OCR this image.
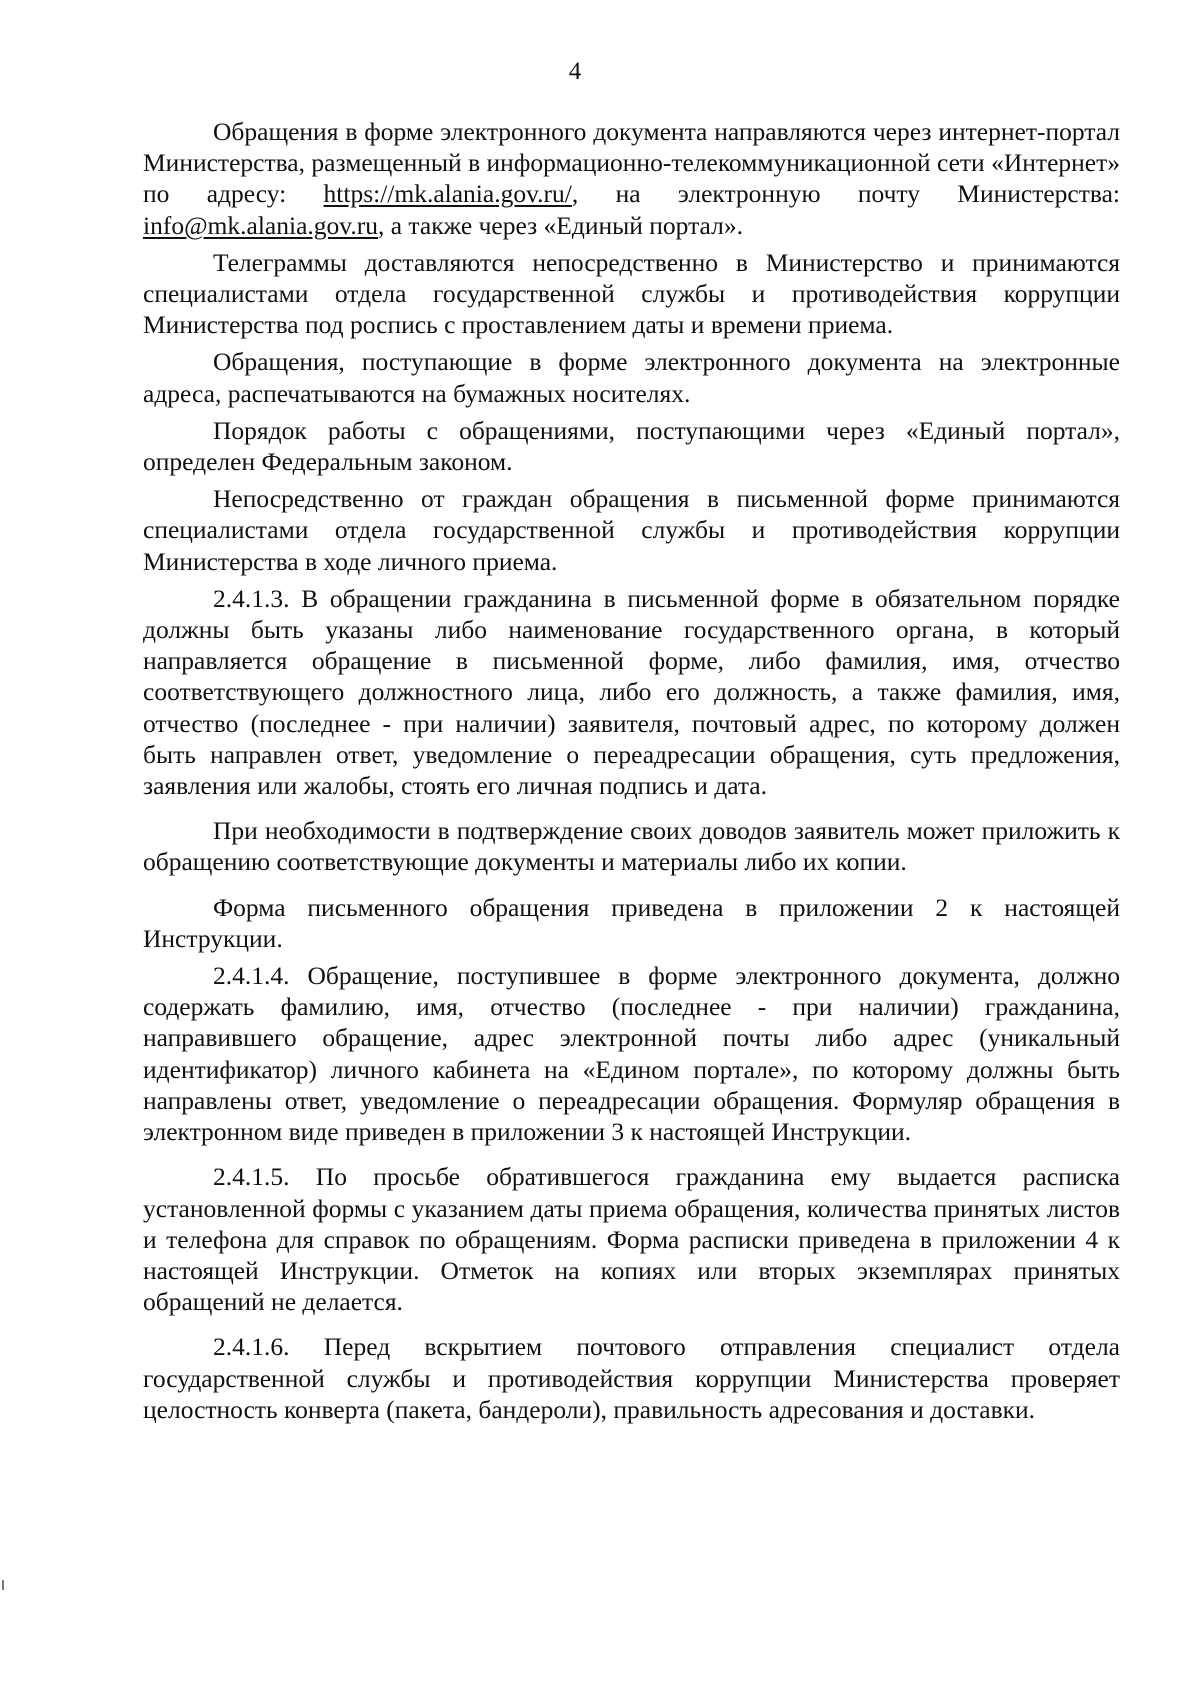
4

Обращения в форме электронного документа направляются через интернет-портал Министерства, размещенный в информационно-телекоммуникационной сети «Интернет» по адресу: https://mk.alania.gov.ru/, на электронную почту Министерства: info@mk.alania.gov.ru, а также через «Единый портал».

Телеграммы доставляются непосредственно в Министерство и принимаются специалистами отдела государственной службы и противодействия коррупции Министерства под роспись с проставлением даты и времени приема.

Обращения, поступающие в форме электронного документа на электронные адреса, распечатываются на бумажных носителях.

Порядок работы с обращениями, поступающими через «Единый портал», определен Федеральным законом.

Непосредственно от граждан обращения в письменной форме принимаются специалистами отдела государственной службы и противодействия коррупции Министерства в ходе личного приема.

2.4.1.3. В обращении гражданина в письменной форме в обязательном порядке должны быть указаны либо наименование государственного органа, в который направляется обращение в письменной форме, либо фамилия, имя, отчество соответствующего должностного лица, либо его должность, а также фамилия, имя, отчество (последнее - при наличии) заявителя, почтовый адрес, по которому должен быть направлен ответ, уведомление о переадресации обращения, суть предложения, заявления или жалобы, стоять его личная подпись и дата.

При необходимости в подтверждение своих доводов заявитель может приложить к обращению соответствующие документы и материалы либо их копии.

Форма письменного обращения приведена в приложении 2 к настоящей Инструкции.

2.4.1.4. Обращение, поступившее в форме электронного документа, должно содержать фамилию, имя, отчество (последнее - при наличии) гражданина, направившего обращение, адрес электронной почты либо адрес (уникальный идентификатор) личного кабинета на «Едином портале», по которому должны быть направлены ответ, уведомление о переадресации обращения. Формуляр обращения в электронном виде приведен в приложении 3 к настоящей Инструкции.

2.4.1.5. По просьбе обратившегося гражданина ему выдается расписка установленной формы с указанием даты приема обращения, количества принятых листов и телефона для справок по обращениям. Форма расписки приведена в приложении 4 к настоящей Инструкции. Отметок на копиях или вторых экземплярах принятых обращений не делается.

2.4.1.6. Перед вскрытием почтового отправления специалист отдела государственной службы и противодействия коррупции Министерства проверяет целостность конверта (пакета, бандероли), правильность адресования и доставки.
